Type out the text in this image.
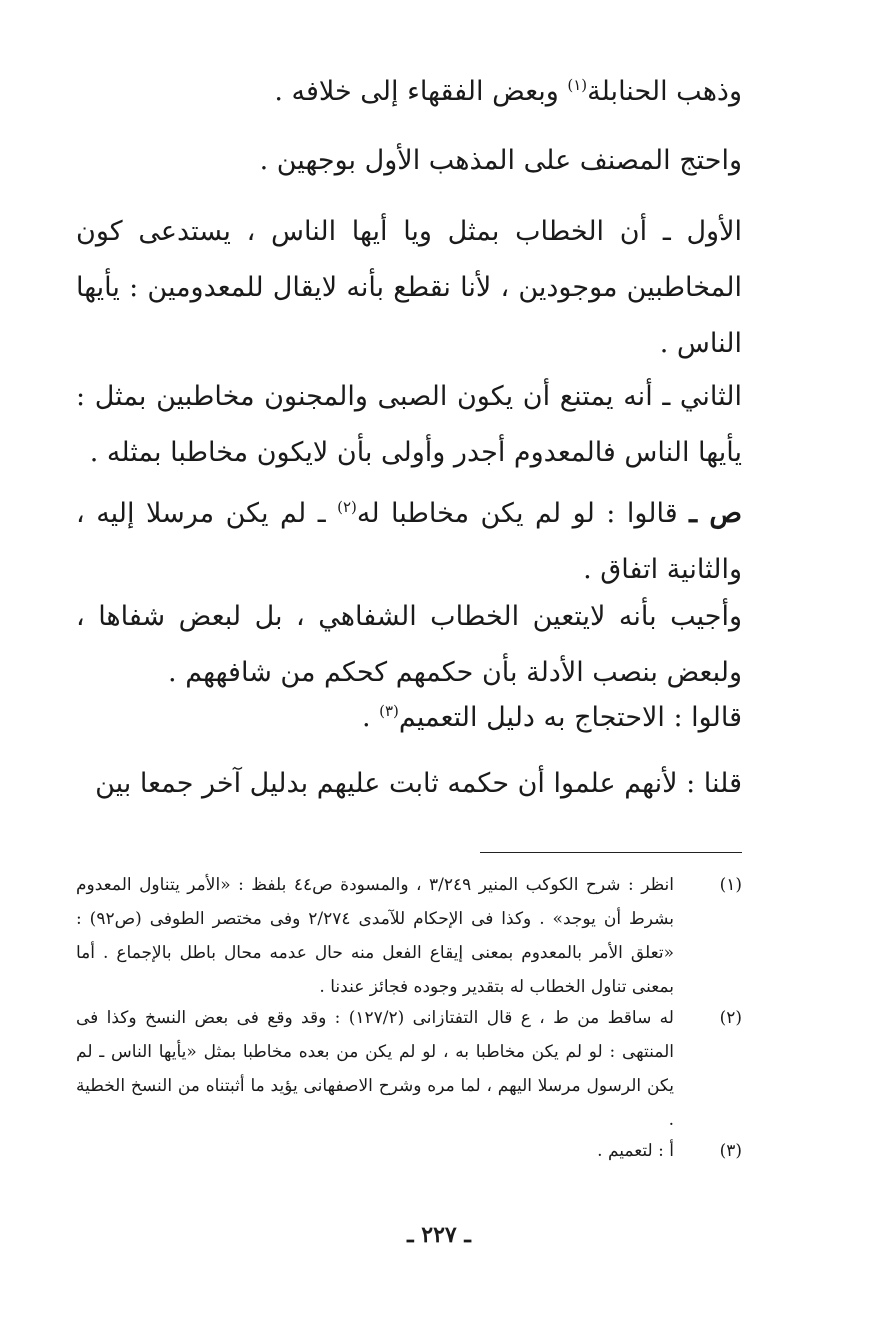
وذهب الحنابلة$^{(١)}$ وبعض الفقهاء إلى خلافه .
واحتج المصنف على المذهب الأول بوجهين .
الأول ـ أن الخطاب بمثل ويا أيها الناس ، يستدعى كون المخاطبين موجودين ، لأنا نقطع بأنه لايقال للمعدومين : يأيها الناس .
الثاني ـ أنه يمتنع أن يكون الصبى والمجنون مخاطبين بمثل : يأيها الناس فالمعدوم أجدر وأولى بأن لايكون مخاطبا بمثله .
ص ـ قالوا : لو لم يكن مخاطبا له$^{(٢)}$ ـ لم يكن مرسلا إليه ، والثانية اتفاق .
وأجيب بأنه لايتعين الخطاب الشفاهي ، بل لبعض شفاها ، ولبعض بنصب الأدلة بأن حكمهم كحكم من شافههم .
قالوا : الاحتجاج به دليل التعميم$^{(٣)}$ .
قلنا : لأنهم علموا أن حكمه ثابت عليهم بدليل آخر جمعا بين
(١)
انظر : شرح الكوكب المنير ٣/٢٤٩ ، والمسودة ص٤٤ بلفظ : «الأمر يتناول المعدوم بشرط أن يوجد» . وكذا فى الإحكام للآمدى ٢/٢٧٤ وفى مختصر الطوفى (ص٩٢) : «تعلق الأمر بالمعدوم بمعنى إيقاع الفعل منه حال عدمه محال باطل بالإجماع . أما بمعنى تناول الخطاب له بتقدير وجوده فجائز عندنا .
(٢)
له ساقط من ط ، ع قال التفتازانى (١٢٧/٢) : وقد وقع فى بعض النسخ وكذا فى المنتهى : لو لم يكن مخاطبا به ، لو لم يكن من بعده مخاطبا بمثل «يأيها الناس ـ لم يكن الرسول مرسلا اليهم ، لما مره وشرح الاصفهانى يؤيد ما أثبتناه من النسخ الخطية .
(٣)
أ : لتعميم .
ـ ٢٢٧ ـ
